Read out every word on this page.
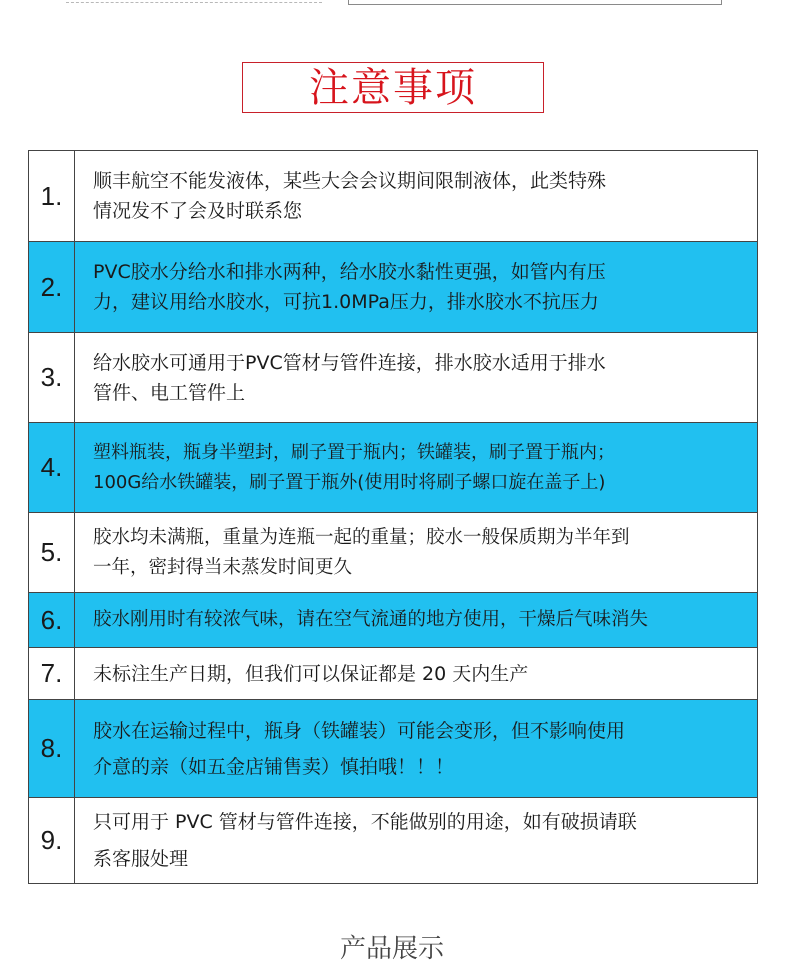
注意事项
1.	顺丰航空不能发液体，某些大会会议期间限制液体，此类特殊
情况发不了会及时联系您
2.	PVC胶水分给水和排水两种，给水胶水黏性更强，如管内有压
力，建议用给水胶水，可抗1.0MPa压力，排水胶水不抗压力
3.	给水胶水可通用于PVC管材与管件连接，排水胶水适用于排水
管件、电工管件上
4.	塑料瓶装，瓶身半塑封，刷子置于瓶内；铁罐装，刷子置于瓶内；
100G给水铁罐装，刷子置于瓶外(使用时将刷子螺口旋在盖子上)
5.	胶水均未满瓶，重量为连瓶一起的重量；胶水一般保质期为半年到
一年，密封得当未蒸发时间更久
6.	胶水刚用时有较浓气味，请在空气流通的地方使用，干燥后气味消失
7.	未标注生产日期，但我们可以保证都是 20 天内生产
8.
胶水在运输过程中，瓶身（铁罐装）可能会变形，但不影响使用
介意的亲（如五金店铺售卖）慎拍哦！！！
9.
只可用于 PVC 管材与管件连接，不能做别的用途，如有破损请联
系客服处理
产品展示
